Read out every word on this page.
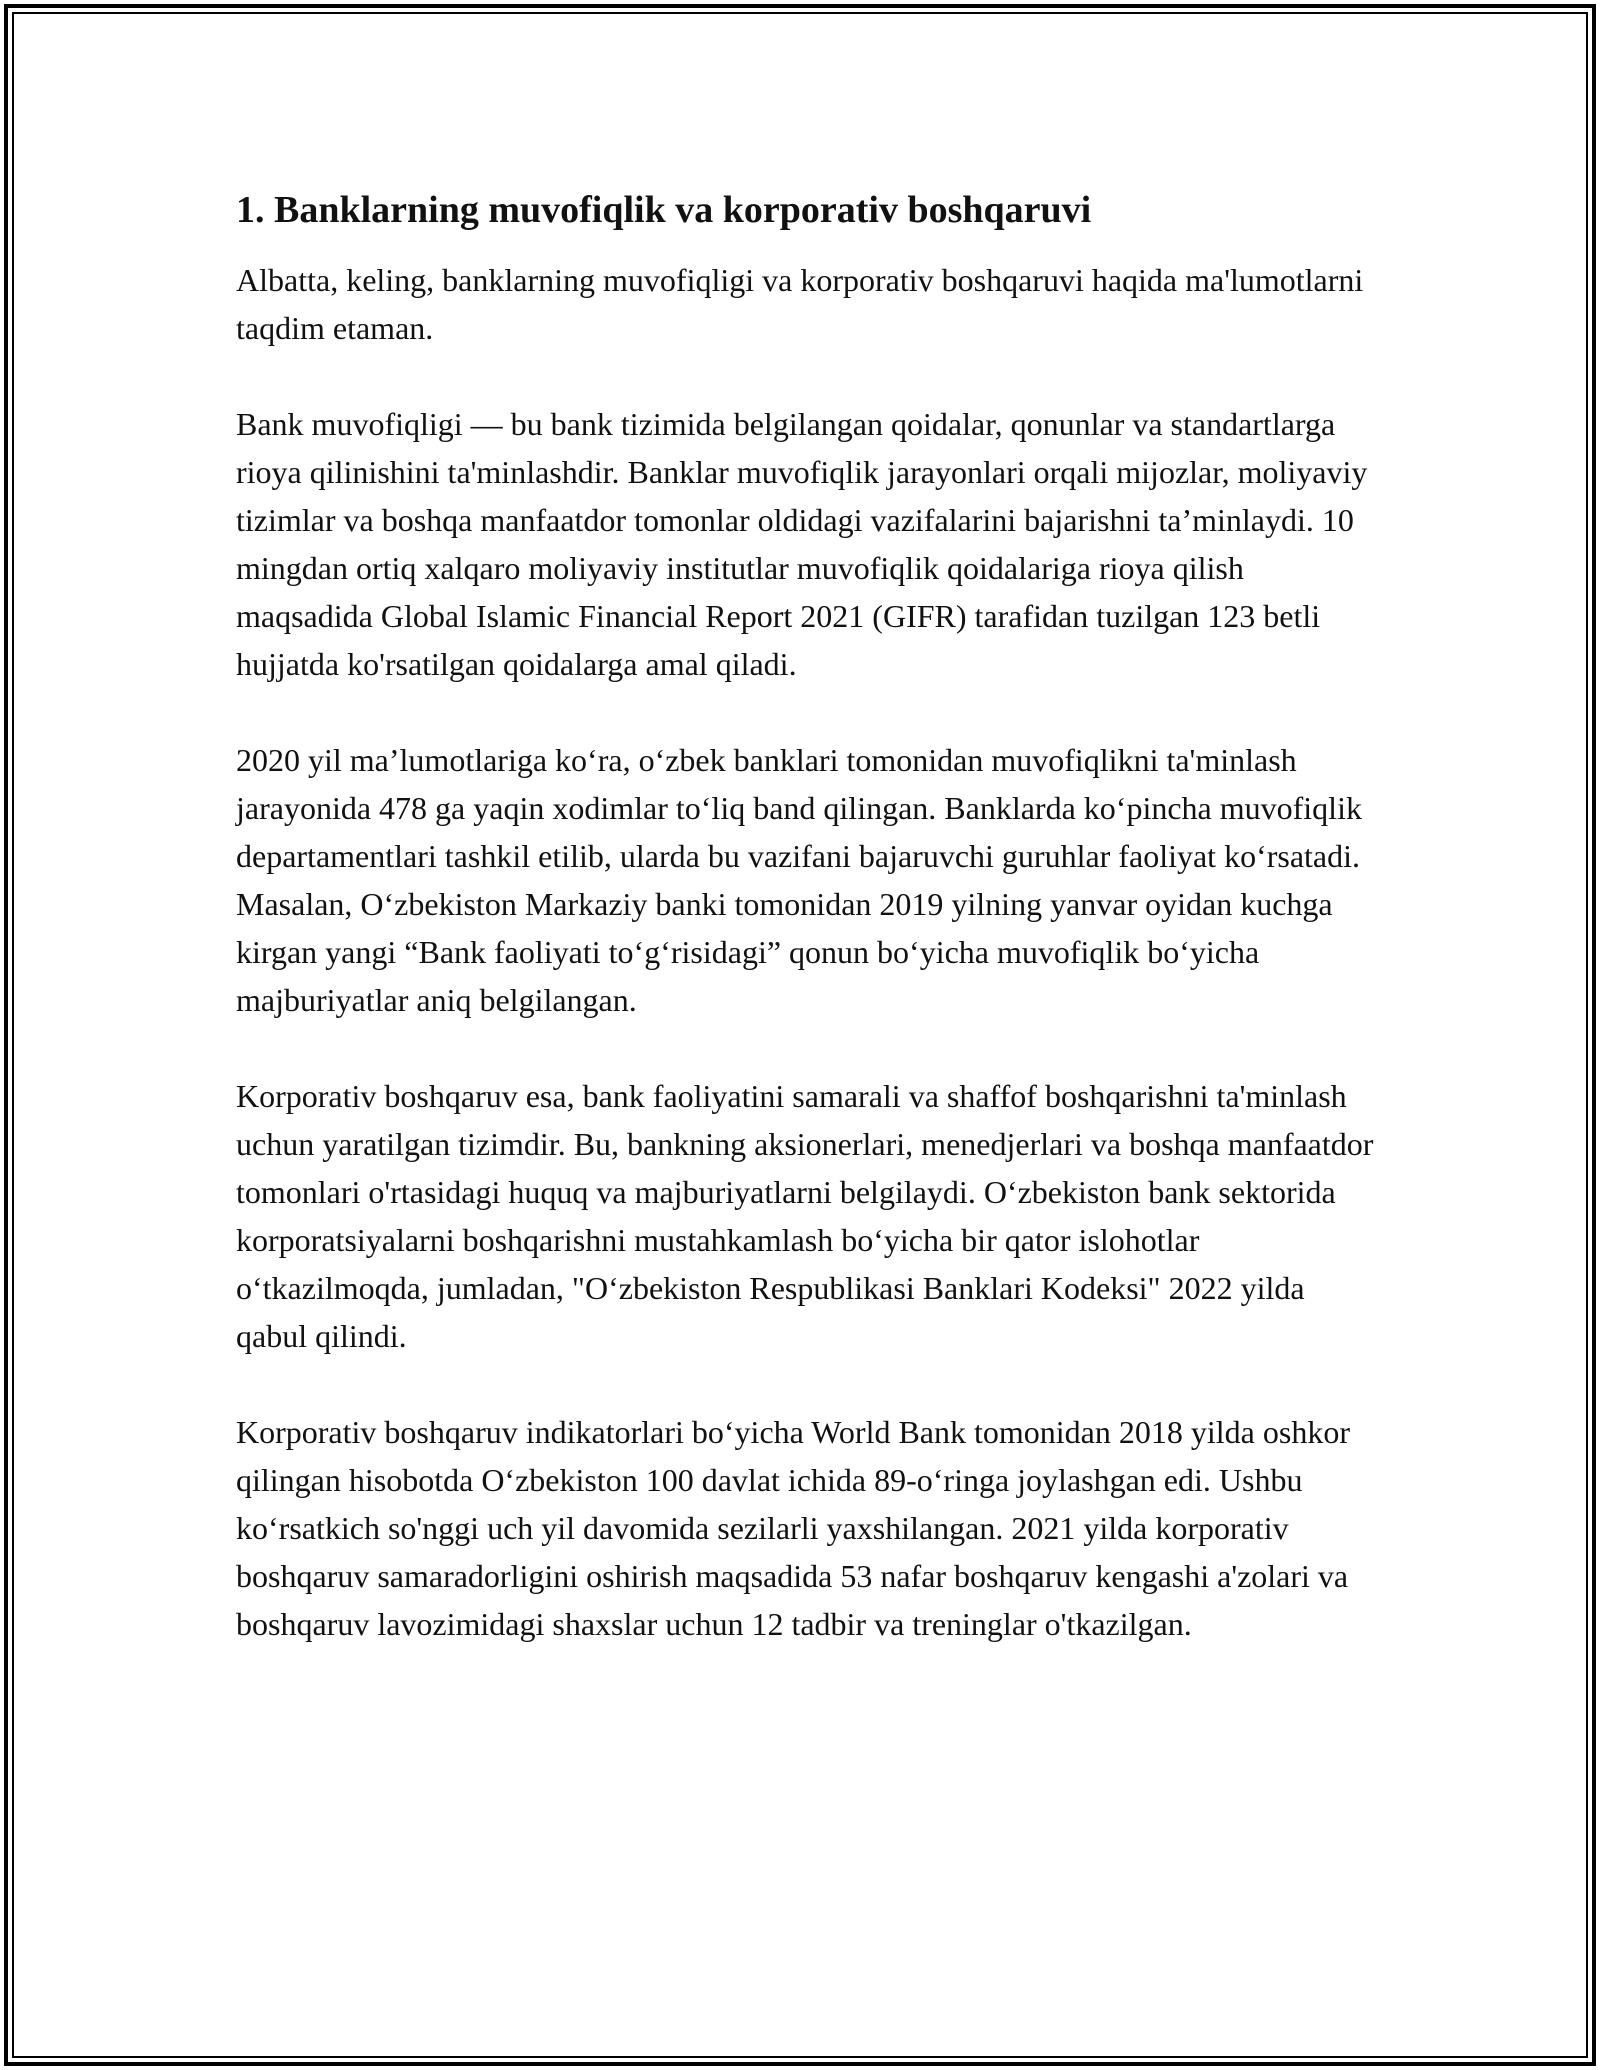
1. Banklarning muvofiqlik va korporativ boshqaruvi

Albatta, keling, banklarning muvofiqligi va korporativ boshqaruvi haqida ma'lumotlarni taqdim etaman.

Bank muvofiqligi — bu bank tizimida belgilangan qoidalar, qonunlar va standartlarga rioya qilinishini ta'minlashdir. Banklar muvofiqlik jarayonlari orqali mijozlar, moliyaviy tizimlar va boshqa manfaatdor tomonlar oldidagi vazifalarini bajarishni ta’minlaydi. 10 mingdan ortiq xalqaro moliyaviy institutlar muvofiqlik qoidalariga rioya qilish maqsadida Global Islamic Financial Report 2021 (GIFR) tarafidan tuzilgan 123 betli hujjatda ko'rsatilgan qoidalarga amal qiladi.

2020 yil ma’lumotlariga ko‘ra, o‘zbek banklari tomonidan muvofiqlikni ta'minlash jarayonida 478 ga yaqin xodimlar to‘liq band qilingan. Banklarda ko‘pincha muvofiqlik departamentlari tashkil etilib, ularda bu vazifani bajaruvchi guruhlar faoliyat ko‘rsatadi. Masalan, O‘zbekiston Markaziy banki tomonidan 2019 yilning yanvar oyidan kuchga kirgan yangi “Bank faoliyati to‘g‘risidagi” qonun bo‘yicha muvofiqlik bo‘yicha majburiyatlar aniq belgilangan.

Korporativ boshqaruv esa, bank faoliyatini samarali va shaffof boshqarishni ta'minlash uchun yaratilgan tizimdir. Bu, bankning aksionerlari, menedjerlari va boshqa manfaatdor tomonlari o'rtasidagi huquq va majburiyatlarni belgilaydi. O‘zbekiston bank sektorida korporatsiyalarni boshqarishni mustahkamlash bo‘yicha bir qator islohotlar o‘tkazilmoqda, jumladan, "O‘zbekiston Respublikasi Banklari Kodeksi" 2022 yilda qabul qilindi.

Korporativ boshqaruv indikatorlari bo‘yicha World Bank tomonidan 2018 yilda oshkor qilingan hisobotda O‘zbekiston 100 davlat ichida 89-o‘ringa joylashgan edi. Ushbu ko‘rsatkich so'nggi uch yil davomida sezilarli yaxshilangan. 2021 yilda korporativ boshqaruv samaradorligini oshirish maqsadida 53 nafar boshqaruv kengashi a'zolari va boshqaruv lavozimidagi shaxslar uchun 12 tadbir va treninglar o'tkazilgan.
